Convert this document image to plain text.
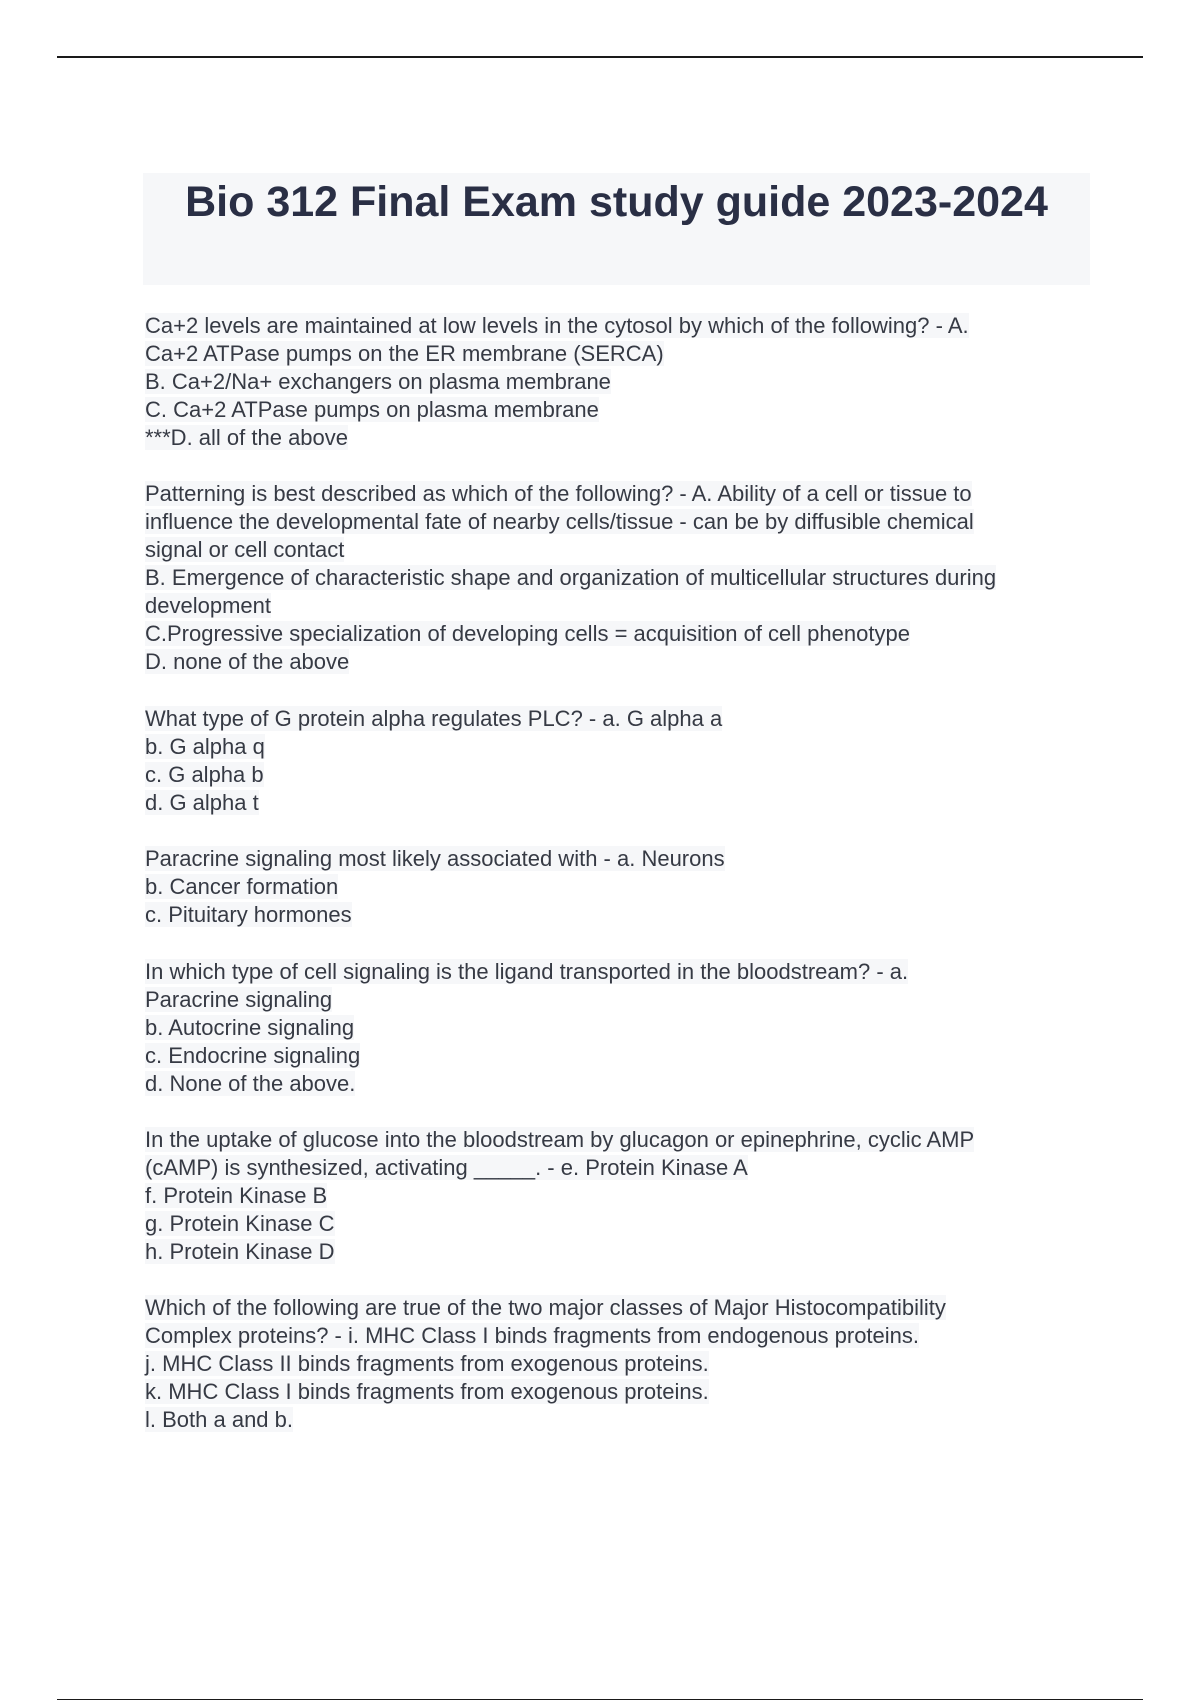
Bio 312 Final Exam study guide 2023-2024
Ca+2 levels are maintained at low levels in the cytosol by which of the following? - A.
Ca+2 ATPase pumps on the ER membrane (SERCA)
B. Ca+2/Na+ exchangers on plasma membrane
C. Ca+2 ATPase pumps on plasma membrane
***D. all of the above
Patterning is best described as which of the following? - A. Ability of a cell or tissue to
influence the developmental fate of nearby cells/tissue - can be by diffusible chemical
signal or cell contact
B. Emergence of characteristic shape and organization of multicellular structures during
development
C.Progressive specialization of developing cells = acquisition of cell phenotype
D. none of the above
What type of G protein alpha regulates PLC? - a. G alpha a
b. G alpha q
c. G alpha b
d. G alpha t
Paracrine signaling most likely associated with - a. Neurons
b. Cancer formation
c. Pituitary hormones
In which type of cell signaling is the ligand transported in the bloodstream? - a.
Paracrine signaling
b. Autocrine signaling
c. Endocrine signaling
d. None of the above.
In the uptake of glucose into the bloodstream by glucagon or epinephrine, cyclic AMP
(cAMP) is synthesized, activating _____. - e. Protein Kinase A
f. Protein Kinase B
g. Protein Kinase C
h. Protein Kinase D
Which of the following are true of the two major classes of Major Histocompatibility
Complex proteins? - i. MHC Class I binds fragments from endogenous proteins.
j. MHC Class II binds fragments from exogenous proteins.
k. MHC Class I binds fragments from exogenous proteins.
l. Both a and b.
